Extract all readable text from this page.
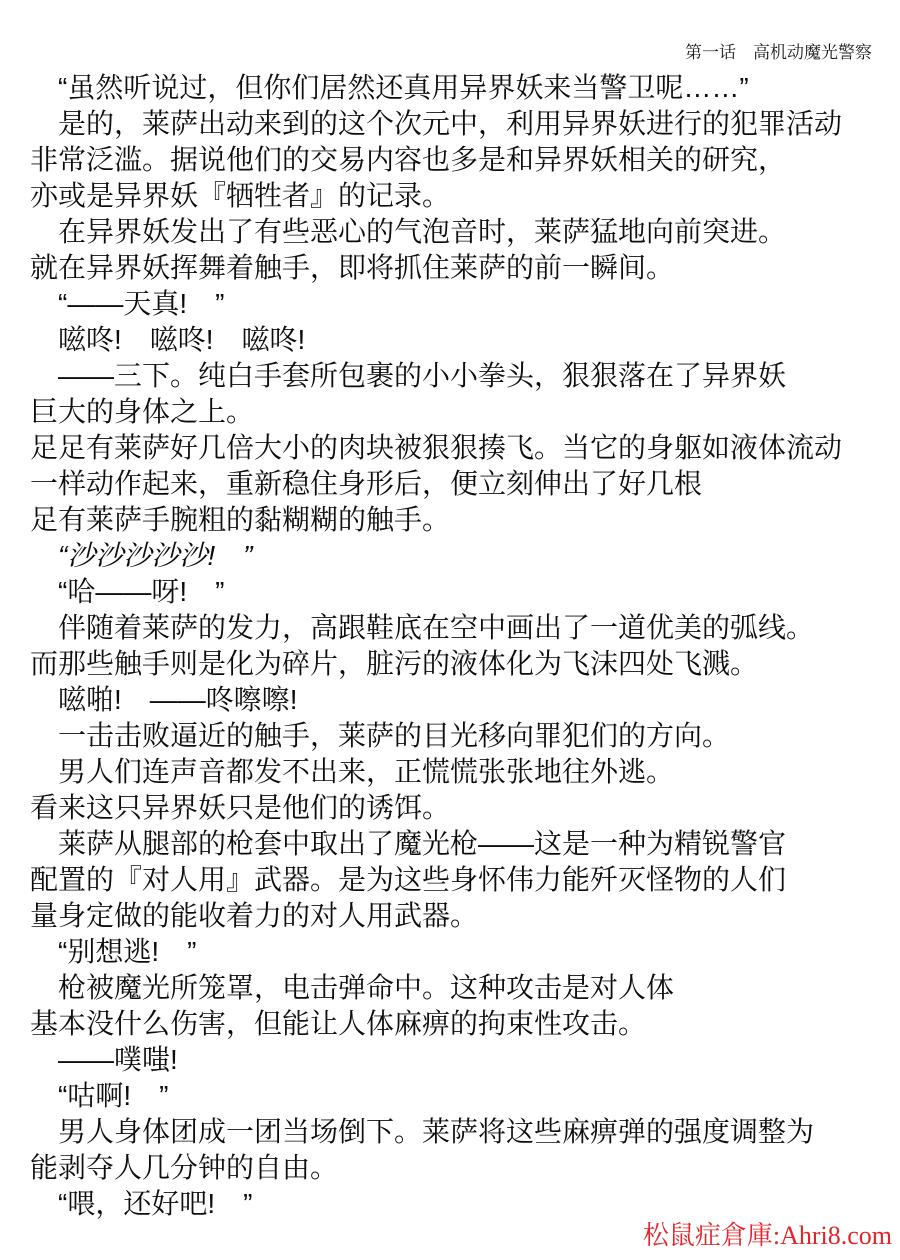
第一话　高机动魔光警察
“虽然听说过，但你们居然还真用异界妖来当警卫呢……”
是的，莱萨出动来到的这个次元中，利用异界妖进行的犯罪活动
非常泛滥。据说他们的交易内容也多是和异界妖相关的研究，
亦或是异界妖『牺牲者』的记录。
在异界妖发出了有些恶心的气泡音时，莱萨猛地向前突进。
就在异界妖挥舞着触手，即将抓住莱萨的前一瞬间。
“——天真!　”
嗞咚!　嗞咚!　嗞咚!
——三下。纯白手套所包裹的小小拳头，狠狠落在了异界妖
巨大的身体之上。
足足有莱萨好几倍大小的肉块被狠狠揍飞。当它的身躯如液体流动
一样动作起来，重新稳住身形后，便立刻伸出了好几根
足有莱萨手腕粗的黏糊糊的触手。
“沙沙沙沙沙!　”
“哈——呀!　”
伴随着莱萨的发力，高跟鞋底在空中画出了一道优美的弧线。
而那些触手则是化为碎片，脏污的液体化为飞沫四处飞溅。
嗞啪!　——咚嚓嚓!
一击击败逼近的触手，莱萨的目光移向罪犯们的方向。
男人们连声音都发不出来，正慌慌张张地往外逃。
看来这只异界妖只是他们的诱饵。
莱萨从腿部的枪套中取出了魔光枪——这是一种为精锐警官
配置的『对人用』武器。是为这些身怀伟力能歼灭怪物的人们
量身定做的能收着力的对人用武器。
“别想逃!　”
枪被魔光所笼罩，电击弹命中。这种攻击是对人体
基本没什么伤害，但能让人体麻痹的拘束性攻击。
——噗嗤!
“咕啊!　”
男人身体团成一团当场倒下。莱萨将这些麻痹弹的强度调整为
能剥夺人几分钟的自由。
“喂，还好吧!　”
松鼠症倉庫:Ahri8.com
